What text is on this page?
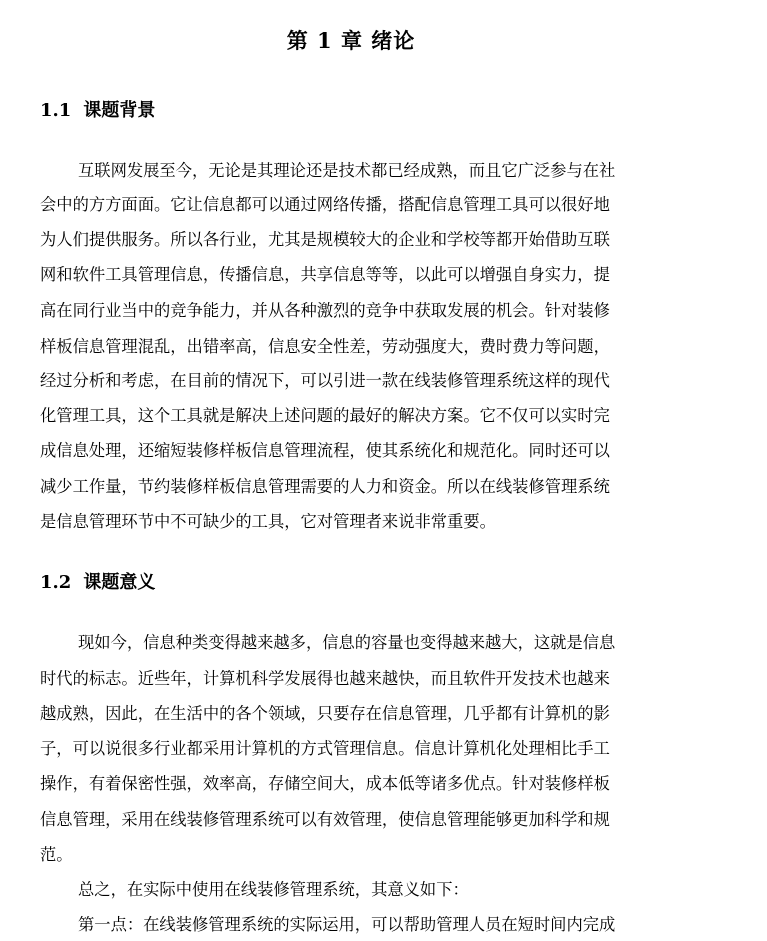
第 1 章 绪论
1.1 课题背景
互联网发展至今，无论是其理论还是技术都已经成熟，而且它广泛参与在社
会中的方方面面。它让信息都可以通过网络传播，搭配信息管理工具可以很好地
为人们提供服务。所以各行业，尤其是规模较大的企业和学校等都开始借助互联
网和软件工具管理信息，传播信息，共享信息等等，以此可以增强自身实力，提
高在同行业当中的竞争能力，并从各种激烈的竞争中获取发展的机会。针对装修
样板信息管理混乱，出错率高，信息安全性差，劳动强度大，费时费力等问题，
经过分析和考虑，在目前的情况下，可以引进一款在线装修管理系统这样的现代
化管理工具，这个工具就是解决上述问题的最好的解决方案。它不仅可以实时完
成信息处理，还缩短装修样板信息管理流程，使其系统化和规范化。同时还可以
减少工作量，节约装修样板信息管理需要的人力和资金。所以在线装修管理系统
是信息管理环节中不可缺少的工具，它对管理者来说非常重要。
1.2 课题意义
现如今，信息种类变得越来越多，信息的容量也变得越来越大，这就是信息
时代的标志。近些年，计算机科学发展得也越来越快，而且软件开发技术也越来
越成熟，因此，在生活中的各个领域，只要存在信息管理，几乎都有计算机的影
子，可以说很多行业都采用计算机的方式管理信息。信息计算机化处理相比手工
操作，有着保密性强，效率高，存储空间大，成本低等诸多优点。针对装修样板
信息管理，采用在线装修管理系统可以有效管理，使信息管理能够更加科学和规
范。
总之，在实际中使用在线装修管理系统，其意义如下：
第一点：在线装修管理系统的实际运用，可以帮助管理人员在短时间内完成
